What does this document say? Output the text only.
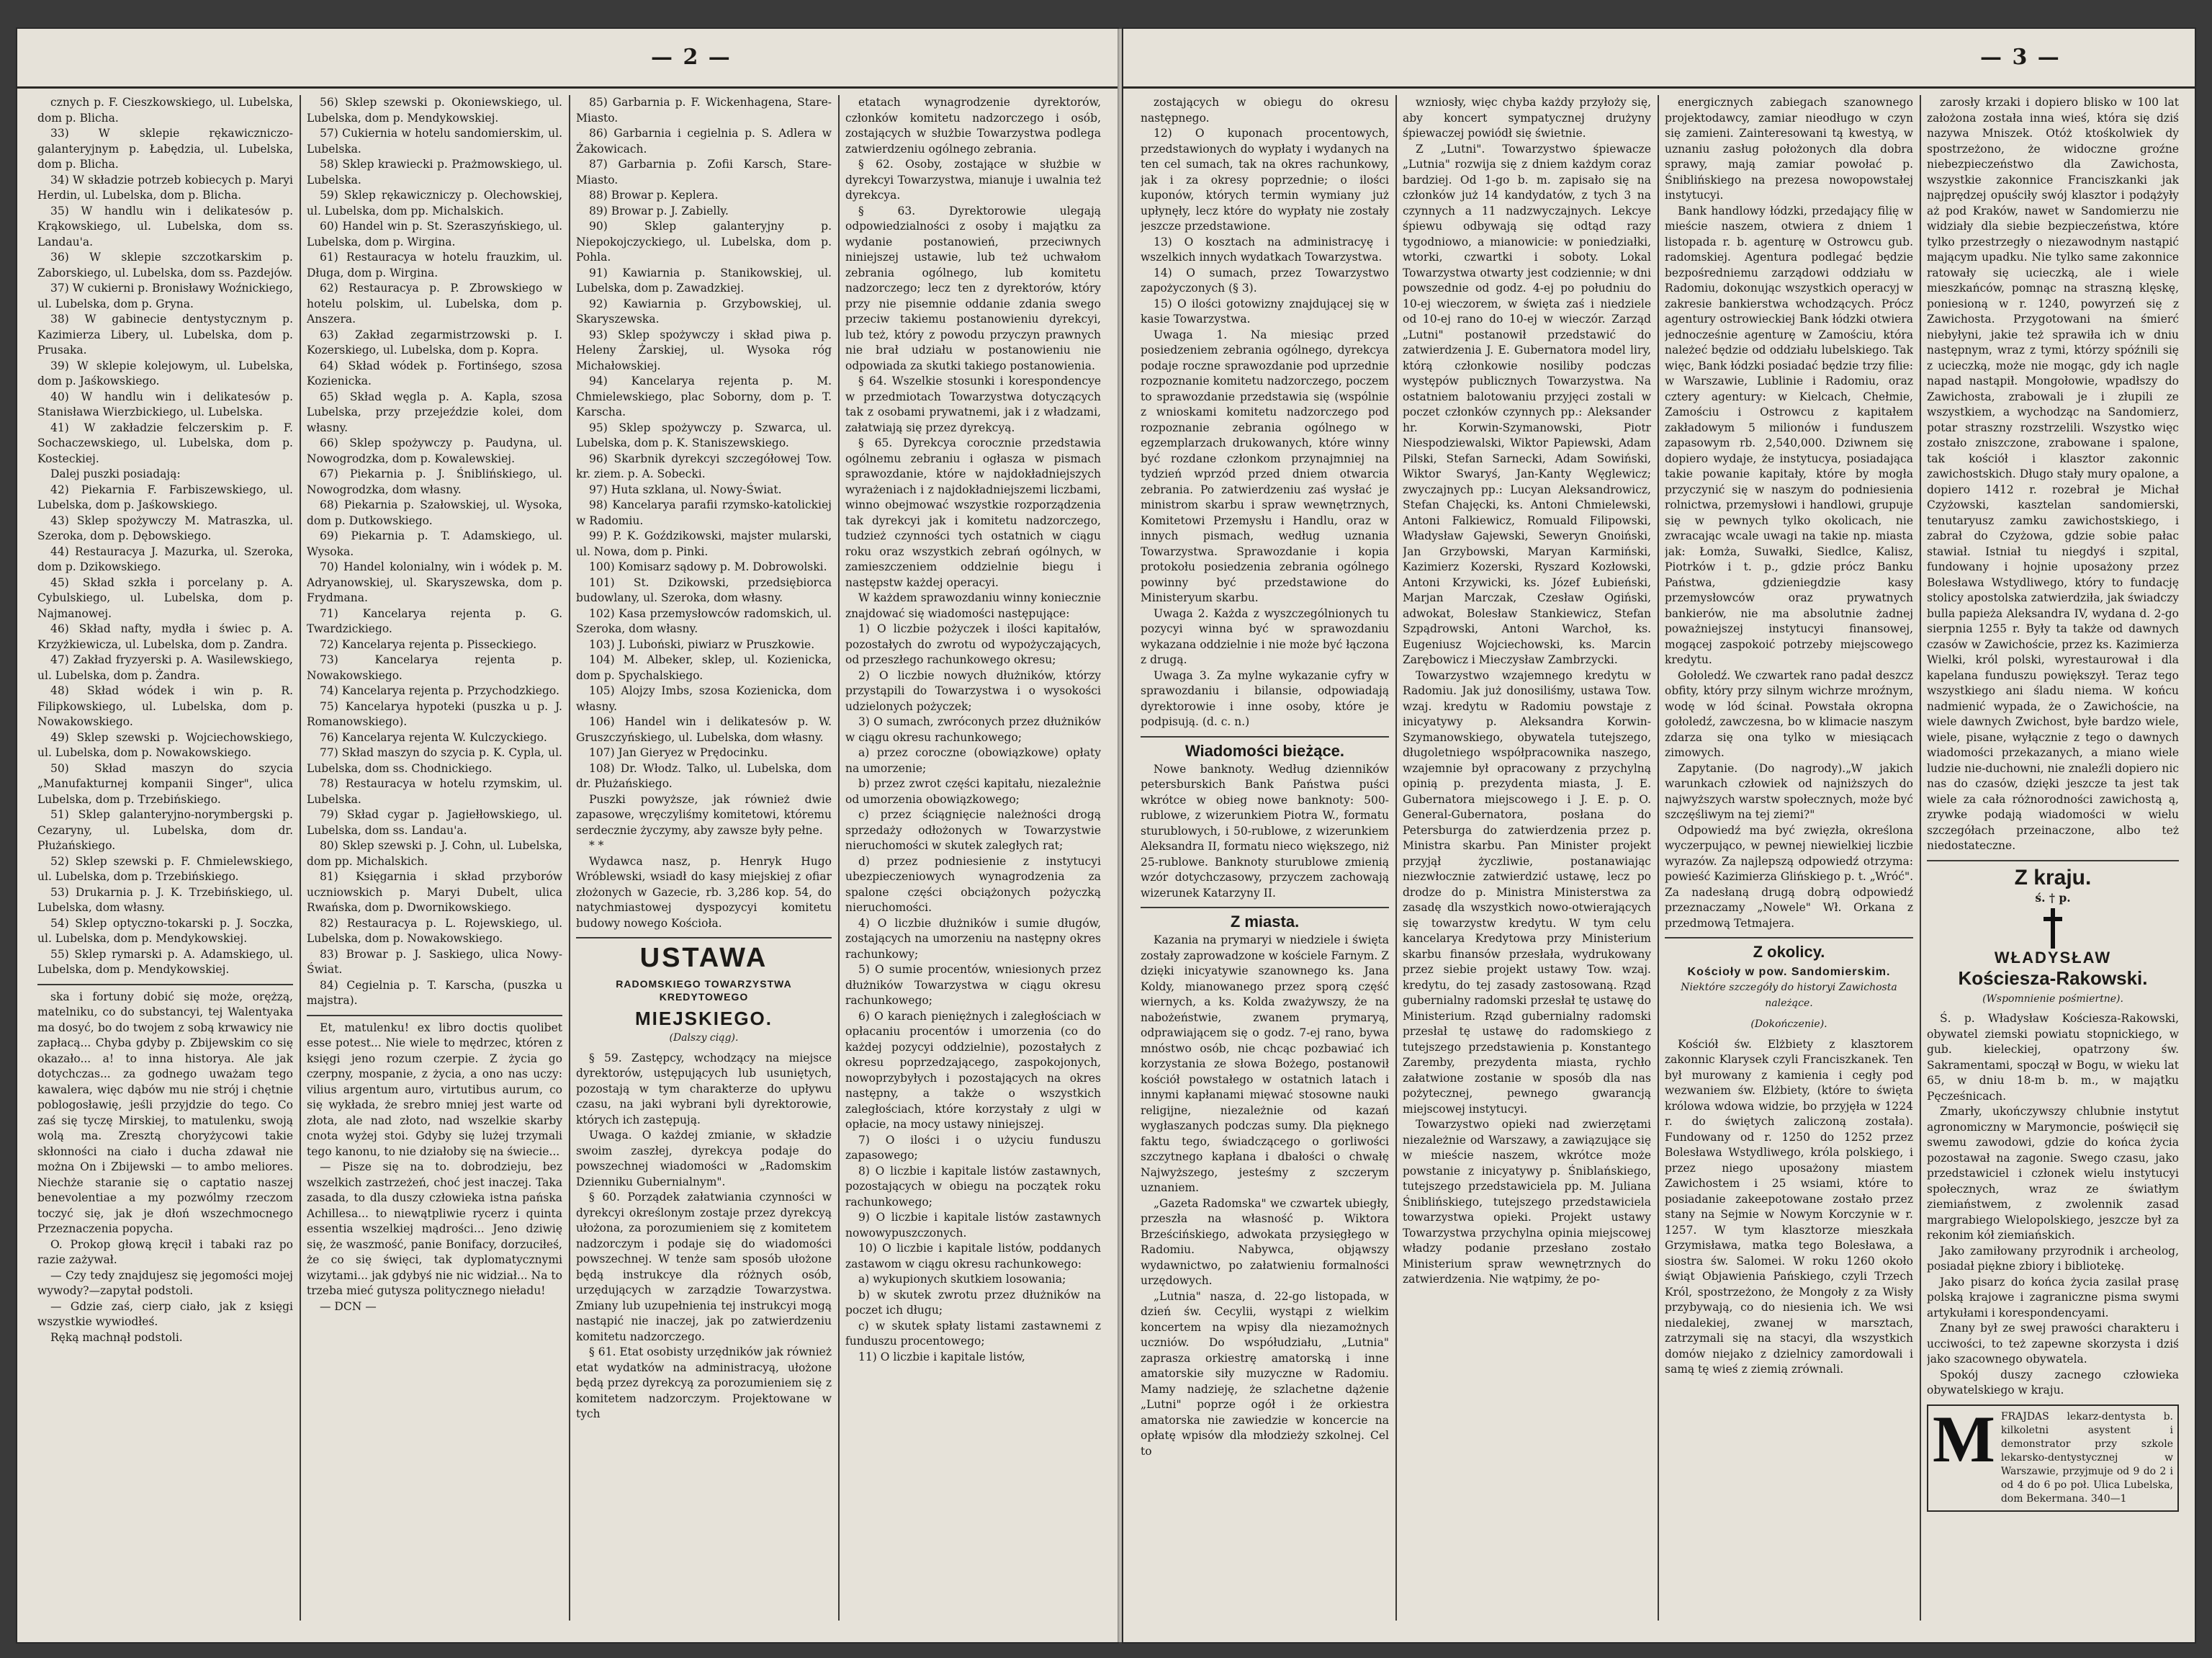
— 2 —

cznych p. F. Cieszkowskiego, ul. Lubelska, dom p. Blicha.

33) W sklepie rękawiczniczo-galanteryjnym p. Łabędzia, ul. Lubelska, dom p. Blicha.

34) W składzie potrzeb kobiecych p. Maryi Herdin, ul. Lubelska, dom p. Blicha.

35) W handlu win i delikatesów p. Krąkowskiego, ul. Lubelska, dom ss. Landau'a.

36) W sklepie szczotkarskim p. Zaborskiego, ul. Lubelska, dom ss. Pazdejów.

37) W cukierni p. Bronisławy Woźnickiego, ul. Lubelska, dom p. Gryna.

38) W gabinecie dentystycznym p. Kazimierza Libery, ul. Lubelska, dom p. Prusaka.

39) W sklepie kolejowym, ul. Lubelska, dom p. Jaśkowskiego.

40) W handlu win i delikatesów p. Stanisława Wierzbickiego, ul. Lubelska.

41) W zakładzie felczerskim p. F. Sochaczewskiego, ul. Lubelska, dom p. Kosteckiej.

Dalej puszki posiadają:

42) Piekarnia F. Farbiszewskiego, ul. Lubelska, dom p. Jaśkowskiego.

43) Sklep spożywczy M. Matraszka, ul. Szeroka, dom p. Dębowskiego.

44) Restauracya J. Mazurka, ul. Szeroka, dom p. Dzikowskiego.

45) Skład szkła i porcelany p. A. Cybulskiego, ul. Lubelska, dom p. Najmanowej.

46) Skład nafty, mydła i świec p. A. Krzyżkiewicza, ul. Lubelska, dom p. Zandra.

47) Zakład fryzyerski p. A. Wasilewskiego, ul. Lubelska, dom p. Żandra.

48) Skład wódek i win p. R. Filipkowskiego, ul. Lubelska, dom p. Nowakowskiego.

49) Sklep szewski p. Wojciechowskiego, ul. Lubelska, dom p. Nowakowskiego.

50) Skład maszyn do szycia „Manufakturnej kompanii Singer", ulica Lubelska, dom p. Trzebińskiego.

51) Sklep galanteryjno-norymbergski p. Cezaryny, ul. Lubelska, dom dr. Płużańskiego.

52) Sklep szewski p. F. Chmielewskiego, ul. Lubelska, dom p. Trzebińskiego.

53) Drukarnia p. J. K. Trzebińskiego, ul. Lubelska, dom własny.

54) Sklep optyczno-tokarski p. J. Soczka, ul. Lubelska, dom p. Mendykowskiej.

55) Sklep rymarski p. A. Adamskiego, ul. Lubelska, dom p. Mendykowskiej.

ska i fortuny dobić się może, orężzą, matelniku, co do substancyi, tej Walentyaka ma dosyć, bo do twojem z sobą krwawicy nie zapłacą... Chyba gdyby p. Zbijewskim co się okazało... a! to inna historya. Ale jak dotychczas... za godnego uważam tego kawalera, więc dąbów mu nie strój i chętnie poblogosławię, jeśli przyjdzie do tego. Co zaś się tyczę Mirskiej, to matulenku, swoją wolą ma. Zresztą choryżycowi takie skłonności na ciało i ducha zdawał nie można On i Zbijewski — to ambo meliores. Niechże staranie się o captatio naszej benevolentiae a my pozwólmy rzeczom toczyć się, jak je dłoń wszechmocnego Przeznaczenia popycha.

O. Prokop głową kręcił i tabaki raz po razie zażywał.

— Czy tedy znajdujesz się jegomości mojej wywody?—zapytał podstoli.

— Gdzie zaś, cierp ciało, jak z księgi wszystkie wywiodłeś.

Ręką machnął podstoli.

56) Sklep szewski p. Okoniewskiego, ul. Lubelska, dom p. Mendykowskiej.

57) Cukiernia w hotelu sandomierskim, ul. Lubelska.

58) Sklep krawiecki p. Prażmowskiego, ul. Lubelska.

59) Sklep rękawiczniczy p. Olechowskiej, ul. Lubelska, dom pp. Michalskich.

60) Handel win p. St. Szeraszyńskiego, ul. Lubelska, dom p. Wirgina.

61) Restauracya w hotelu frauzkim, ul. Długa, dom p. Wirgina.

62) Restauracya p. P. Zbrowskiego w hotelu polskim, ul. Lubelska, dom p. Anszera.

63) Zakład zegarmistrzowski p. I. Kozerskiego, ul. Lubelska, dom p. Kopra.

64) Skład wódek p. Fortinśego, szosa Kozienicka.

65) Skład węgla p. A. Kapla, szosa Lubelska, przy przejeździe kolei, dom własny.

66) Sklep spożywczy p. Paudyna, ul. Nowogrodzka, dom p. Kowalewskiej.

67) Piekarnia p. J. Śniblińskiego, ul. Nowogrodzka, dom własny.

68) Piekarnia p. Szałowskiej, ul. Wysoka, dom p. Dutkowskiego.

69) Piekarnia p. T. Adamskiego, ul. Wysoka.

70) Handel kolonialny, win i wódek p. M. Adryanowskiej, ul. Skaryszewska, dom p. Frydmana.

71) Kancelarya rejenta p. G. Twardzickiego.

72) Kancelarya rejenta p. Pisseckiego.

73) Kancelarya rejenta p. Nowakowskiego.

74) Kancelarya rejenta p. Przychodzkiego.

75) Kancelarya hypoteki (puszka u p. J. Romanowskiego).

76) Kancelarya rejenta W. Kulczyckiego.

77) Skład maszyn do szycia p. K. Cypla, ul. Lubelska, dom ss. Chodnickiego.

78) Restauracya w hotelu rzymskim, ul. Lubelska.

79) Skład cygar p. Jagiełłowskiego, ul. Lubelska, dom ss. Landau'a.

80) Sklep szewski p. J. Cohn, ul. Lubelska, dom pp. Michalskich.

81) Księgarnia i skład przyborów uczniowskich p. Maryi Dubelt, ulica Rwańska, dom p. Dwornikowskiego.

82) Restauracya p. L. Rojewskiego, ul. Lubelska, dom p. Nowakowskiego.

83) Browar p. J. Saskiego, ulica Nowy-Świat.

84) Cegielnia p. T. Karscha, (puszka u majstra).

Et, matulenku! ex libro doctis quolibet esse potest... Nie wiele to mędrzec, któren z księgi jeno rozum czerpie. Z życia go czerpny, mospanie, z życia, a ono nas uczy: vilius argentum auro, virtutibus aurum, co się wykłada, że srebro mniej jest warte od złota, ale nad złoto, nad wszelkie skarby cnota wyżej stoi. Gdyby się lużej trzymali tego kanonu, to nie działoby się na świecie...

— Pisze się na to. dobrodzieju, bez wszelkich zastrzeżeń, choć jest inaczej. Taka zasada, to dla duszy człowieka istna pańska Achillesa... to niewątpliwie rycerz i quinta essentia wszelkiej mądrości... Jeno dziwię się, że waszmość, panie Bonifacy, dorzuciłeś, że co się święci, tak dyplomatycznymi wizytami... jak gdybyś nie nic widział... Na to trzeba mieć gutysza politycznego nieładu!

— DCN —

85) Garbarnia p. F. Wickenhagena, Stare-Miasto.

86) Garbarnia i cegielnia p. S. Adlera w Żakowicach.

87) Garbarnia p. Zofii Karsch, Stare-Miasto.

88) Browar p. Keplera.

89) Browar p. J. Zabielly.

90) Sklep galanteryjny p. Niepokojczyckiego, ul. Lubelska, dom p. Pohla.

91) Kawiarnia p. Stanikowskiej, ul. Lubelska, dom p. Zawadzkiej.

92) Kawiarnia p. Grzybowskiej, ul. Skaryszewska.

93) Sklep spożywczy i skład piwa p. Heleny Żarskiej, ul. Wysoka róg Michałowskiej.

94) Kancelarya rejenta p. M. Chmielewskiego, plac Soborny, dom p. T. Karscha.

95) Sklep spożywczy p. Szwarca, ul. Lubelska, dom p. K. Staniszewskiego.

96) Skarbnik dyrekcyi szczegółowej Tow. kr. ziem. p. A. Sobecki.

97) Huta szklana, ul. Nowy-Świat.

98) Kancelarya parafii rzymsko-katolickiej w Radomiu.

99) P. K. Goździkowski, majster mularski, ul. Nowa, dom p. Pinki.

100) Komisarz sądowy p. M. Dobrowolski.

101) St. Dzikowski, przedsiębiorca budowlany, ul. Szeroka, dom własny.

102) Kasa przemysłowców radomskich, ul. Szeroka, dom własny.

103) J. Luboński, piwiarz w Pruszkowie.

104) M. Albeker, sklep, ul. Kozienicka, dom p. Spychalskiego.

105) Alojzy Imbs, szosa Kozienicka, dom własny.

106) Handel win i delikatesów p. W. Gruszczyńskiego, ul. Lubelska, dom własny.

107) Jan Gieryez w Prędocinku.

108) Dr. Włodz. Talko, ul. Lubelska, dom dr. Płużańskiego.

Puszki powyższe, jak również dwie zapasowe, wręczyliśmy komitetowi, któremu serdecznie życzymy, aby zawsze były pełne.

* *

Wydawca nasz, p. Henryk Hugo Wróblewski, wsiadł do kasy miejskiej z ofiar złożonych w Gazecie, rb. 3,286 kop. 54, do natychmiastowej dyspozycyi komitetu budowy nowego Kościoła.

USTAWA
RADOMSKIEGO TOWARZYSTWA KREDYTOWEGO
MIEJSKIEGO.
(Dalszy ciąg).

§ 59. Zastępcy, wchodzący na miejsce dyrektorów, ustępujących lub usuniętych, pozostają w tym charakterze do upływu czasu, na jaki wybrani byli dyrektorowie, których ich zastępują.

Uwaga. O każdej zmianie, w składzie swoim zaszłej, dyrekcya podaje do powszechnej wiadomości w „Radomskim Dzienniku Gubernialnym".

§ 60. Porządek załatwiania czynności w dyrekcyi określonym zostaje przez dyrekcyą ułożona, za porozumieniem się z komitetem nadzorczym i podaje się do wiadomości powszechnej. W tenże sam sposób ułożone będą instrukcye dla różnych osób, urzędujących w zarządzie Towarzystwa. Zmiany lub uzupełnienia tej instrukcyi mogą nastąpić nie inaczej, jak po zatwierdzeniu komitetu nadzorczego.

§ 61. Etat osobisty urzędników jak również etat wydatków na administracyą, ułożone będą przez dyrekcyą za porozumieniem się z komitetem nadzorczym. Projektowane w tych

etatach wynagrodzenie dyrektorów, członków komitetu nadzorczego i osób, zostających w służbie Towarzystwa podlega zatwierdzeniu ogólnego zebrania.

§ 62. Osoby, zostające w służbie w dyrekcyi Towarzystwa, mianuje i uwalnia też dyrekcya.

§ 63. Dyrektorowie ulegają odpowiedzialności z osoby i majątku za wydanie postanowień, przeciwnych niniejszej ustawie, lub też uchwałom zebrania ogólnego, lub komitetu nadzorczego; lecz ten z dyrektorów, który przy nie pisemnie oddanie zdania swego przeciw takiemu postanowieniu dyrekcyi, lub też, który z powodu przyczyn prawnych nie brał udziału w postanowieniu nie odpowiada za skutki takiego postanowienia.

§ 64. Wszelkie stosunki i korespondencye w przedmiotach Towarzystwa dotyczących tak z osobami prywatnemi, jak i z władzami, załatwiają się przez dyrekcyą.

§ 65. Dyrekcya corocznie przedstawia ogólnemu zebraniu i ogłasza w pismach sprawozdanie, które w najdokładniejszych wyrażeniach i z najdokładniejszemi liczbami, winno obejmować wszystkie rozporządzenia tak dyrekcyi jak i komitetu nadzorczego, tudzież czynności tych ostatnich w ciągu roku oraz wszystkich zebrań ogólnych, w zamieszczeniem oddzielnie biegu i następstw każdej operacyi.

W każdem sprawozdaniu winny koniecznie znajdować się wiadomości następujące:

1) O liczbie pożyczek i ilości kapitałów, pozostałych do zwrotu od wypożyczających, od przeszłego rachunkowego okresu;

2) O liczbie nowych dłużników, którzy przystąpili do Towarzystwa i o wysokości udzielonych pożyczek;

3) O sumach, zwróconych przez dłużników w ciągu okresu rachunkowego;

a) przez coroczne (obowiązkowe) opłaty na umorzenie;

b) przez zwrot części kapitału, niezależnie od umorzenia obowiązkowego;

c) przez ściągnięcie należności drogą sprzedaży odłożonych w Towarzystwie nieruchomości w skutek zaległych rat;

d) przez podniesienie z instytucyi ubezpieczeniowych wynagrodzenia za spalone części obciążonych pożyczką nieruchomości.

4) O liczbie dłużników i sumie długów, zostających na umorzeniu na następny okres rachunkowy;

5) O sumie procentów, wniesionych przez dłużników Towarzystwa w ciągu okresu rachunkowego;

6) O karach pieniężnych i zaległościach w opłacaniu procentów i umorzenia (co do każdej pozycyi oddzielnie), pozostałych z okresu poprzedzającego, zaspokojonych, nowoprzybyłych i pozostających na okres następny, a także o wszystkich zaległościach, które korzystały z ulgi w opłacie, na mocy ustawy niniejszej.

7) O ilości i o użyciu funduszu zapasowego;

8) O liczbie i kapitale listów zastawnych, pozostających w obiegu na początek roku rachunkowego;

9) O liczbie i kapitale listów zastawnych nowowypuszczonych.

10) O liczbie i kapitale listów, poddanych zastawom w ciągu okresu rachunkowego:

a) wykupionych skutkiem losowania;

b) w skutek zwrotu przez dłużników na poczet ich długu;

c) w skutek spłaty listami zastawnemi z funduszu procentowego;

11) O liczbie i kapitale listów,

— 3 —

zostających w obiegu do okresu następnego.

12) O kuponach procentowych, przedstawionych do wypłaty i wydanych na ten cel sumach, tak na okres rachunkowy, jak i za okresy poprzednie; o ilości kuponów, których termin wymiany już upłynęły, lecz które do wypłaty nie zostały jeszcze przedstawione.

13) O kosztach na administracyę i wszelkich innych wydatkach Towarzystwa.

14) O sumach, przez Towarzystwo zapożyczonych (§ 3).

15) O ilości gotowizny znajdującej się w kasie Towarzystwa.

Uwaga 1. Na miesiąc przed posiedzeniem zebrania ogólnego, dyrekcya podaje roczne sprawozdanie pod uprzednie rozpoznanie komitetu nadzorczego, poczem to sprawozdanie przedstawia się (wspólnie z wnioskami komitetu nadzorczego pod rozpoznanie zebrania ogólnego w egzemplarzach drukowanych, które winny być rozdane członkom przynajmniej na tydzień wprzód przed dniem otwarcia zebrania. Po zatwierdzeniu zaś wysłać je ministrom skarbu i spraw wewnętrznych, Komitetowi Przemysłu i Handlu, oraz w innych pismach, według uznania Towarzystwa. Sprawozdanie i kopia protokołu posiedzenia zebrania ogólnego powinny być przedstawione do Ministeryum skarbu.

Uwaga 2. Każda z wyszczególnionych tu pozycyi winna być w sprawozdaniu wykazana oddzielnie i nie może być łączona z drugą.

Uwaga 3. Za mylne wykazanie cyfry w sprawozdaniu i bilansie, odpowiadają dyrektorowie i inne osoby, które je podpisują. (d. c. n.)

Wiadomości bieżące.

Nowe banknoty. Według dzienników petersburskich Bank Państwa puści wkrótce w obieg nowe banknoty: 500-rublowe, z wizerunkiem Piotra W., formatu sturublowych, i 50-rublowe, z wizerunkiem Aleksandra II, formatu nieco większego, niż 25-rublowe. Banknoty sturublowe zmienią wzór dotychczasowy, przyczem zachowają wizerunek Katarzyny II.

Z miasta.

Kazania na prymaryi w niedziele i święta zostały zaprowadzone w kościele Farnym. Z dzięki inicyatywie szanownego ks. Jana Koldy, mianowanego przez sporą część wiernych, a ks. Kolda zważywszy, że na nabożeństwie, zwanem prymaryą, odprawiającem się o godz. 7-ej rano, bywa mnóstwo osób, nie chcąc pozbawiać ich korzystania ze słowa Bożego, postanowił kościół powstałego w ostatnich latach i innymi kapłanami mięwać stosowne nauki religijne, niezależnie od kazań wygłaszanych podczas sumy. Dla pięknego faktu tego, świadczącego o gorliwości szczytnego kapłana i dbałości o chwałę Najwyższego, jesteśmy z szczerym uznaniem.

„Gazeta Radomska" we czwartek ubiegły, przeszła na własność p. Wiktora Brześcińskiego, adwokata przysięgłego w Radomiu. Nabywca, objąwszy wydawnictwo, po załatwieniu formalności urzędowych.

„Lutnia" nasza, d. 22-go listopada, w dzień św. Cecylii, wystąpi z wielkim koncertem na wpisy dla niezamożnych uczniów. Do współudziału, „Lutnia" zaprasza orkiestrę amatorską i inne amatorskie siły muzyczne w Radomiu. Mamy nadzieję, że szlachetne dążenie „Lutni" poprze ogół i że orkiestra amatorska nie zawiedzie w koncercie na opłatę wpisów dla młodzieży szkolnej. Cel to

wzniosły, więc chyba każdy przyłoży się, aby koncert sympatycznej drużyny śpiewaczej powiódł się świetnie.

Z „Lutni". Towarzystwo śpiewacze „Lutnia" rozwija się z dniem każdym coraz bardziej. Od 1-go b. m. zapisało się na członków już 14 kandydatów, z tych 3 na czynnych a 11 nadzwyczajnych. Lekcye śpiewu odbywają się odtąd razy tygodniowo, a mianowicie: w poniedziałki, wtorki, czwartki i soboty. Lokal Towarzystwa otwarty jest codziennie; w dni powszednie od godz. 4-ej po południu do 10-ej wieczorem, w święta zaś i niedziele od 10-ej rano do 10-ej w wieczór. Zarząd „Lutni" postanowił przedstawić do zatwierdzenia J. E. Gubernatora model liry, którą członkowie nosiliby podczas występów publicznych Towarzystwa. Na ostatniem balotowaniu przyjęci zostali w poczet członków czynnych pp.: Aleksander hr. Korwin-Szymanowski, Piotr Niespodziewalski, Wiktor Papiewski, Adam Pilski, Stefan Sarnecki, Adam Sowiński, Wiktor Swaryś, Jan-Kanty Węglewicz; zwyczajnych pp.: Lucyan Aleksandrowicz, Stefan Chajęcki, ks. Antoni Chmielewski, Antoni Falkiewicz, Romuald Filipowski, Władysław Gajewski, Seweryn Gnoiński, Jan Grzybowski, Maryan Karmiński, Kazimierz Kozerski, Ryszard Kozłowski, Antoni Krzywicki, ks. Józef Łubieński, Marjan Marczak, Czesław Ogiński, adwokat, Bolesław Stankiewicz, Stefan Szpądrowski, Antoni Warchoł, ks. Eugeniusz Wojciechowski, ks. Marcin Zarębowicz i Mieczysław Zambrzycki.

Towarzystwo wzajemnego kredytu w Radomiu. Jak już donosiliśmy, ustawa Tow. wzaj. kredytu w Radomiu powstaje z inicyatywy p. Aleksandra Korwin-Szymanowskiego, obywatela tutejszego, długoletniego współpracownika naszego, wzajemnie był opracowany z przychylną opinią p. prezydenta miasta, J. E. Gubernatora miejscowego i J. E. p. O. General-Gubernatora, posłana do Petersburga do zatwierdzenia przez p. Ministra skarbu. Pan Minister projekt przyjął życzliwie, postanawiając niezwłocznie zatwierdzić ustawę, lecz po drodze do p. Ministra Ministerstwa za zasadę dla wszystkich nowo-otwierających się towarzystw kredytu. W tym celu kancelarya Kredytowa przy Ministerium skarbu finansów przesłała, wydrukowany przez siebie projekt ustawy Tow. wzaj. kredytu, do tej zasady zastosowaną. Rząd gubernialny radomski przesłał tę ustawę do Ministerium. Rząd gubernialny radomski przesłał tę ustawę do radomskiego z tutejszego przedstawienia p. Konstantego Zaremby, prezydenta miasta, rychło załatwione zostanie w sposób dla nas pożytecznej, pewnego gwarancją miejscowej instytucyi.

Towarzystwo opieki nad zwierzętami niezależnie od Warszawy, a zawiązujące się w mieście naszem, wkrótce może powstanie z inicyatywy p. Śniblańskiego, tutejszego przedstawiciela pp. M. Juliana Śniblińskiego, tutejszego przedstawiciela towarzystwa opieki. Projekt ustawy Towarzystwa przychylna opinia miejscowej władzy podanie przesłano zostało Ministerium spraw wewnętrznych do zatwierdzenia. Nie wątpimy, że po-

energicznych zabiegach szanownego projektodawcy, zamiar nieodługo w czyn się zamieni. Zainteresowani tą kwestyą, w uznaniu zasług położonych dla dobra sprawy, mają zamiar powołać p. Śniblińskiego na prezesa nowopowstałej instytucyi.

Bank handlowy łódzki, przedający filię w mieście naszem, otwiera z dniem 1 listopada r. b. agenturę w Ostrowcu gub. radomskiej. Agentura podlegać będzie bezpośredniemu zarządowi oddziału w Radomiu, dokonując wszystkich operacyj w zakresie bankierstwa wchodzących. Prócz agentury ostrowieckiej Bank łódzki otwiera jednocześnie agenturę w Zamościu, która należeć będzie od oddziału lubelskiego. Tak więc, Bank łódzki posiadać będzie trzy filie: w Warszawie, Lublinie i Radomiu, oraz cztery agentury: w Kielcach, Chełmie, Zamościu i Ostrowcu z kapitałem zakładowym 5 milionów i funduszem zapasowym rb. 2,540,000. Dziwnem się dopiero wydaje, że instytucya, posiadająca takie powanie kapitały, które by mogła przyczynić się w naszym do podniesienia rolnictwa, przemysłowi i handlowi, grupuje się w pewnych tylko okolicach, nie zwracając wcale uwagi na takie np. miasta jak: Łomża, Suwałki, Siedlce, Kalisz, Piotrków i t. p., gdzie prócz Banku Państwa, gdzieniegdzie kasy przemysłowców oraz prywatnych bankierów, nie ma absolutnie żadnej poważniejszej instytucyi finansowej, mogącej zaspokoić potrzeby miejscowego kredytu.

Gołoledź. We czwartek rano padał deszcz obfity, który przy silnym wichrze mroźnym, wodę w lód ścinał. Powstała okropna gołoledź, zawczesna, bo w klimacie naszym zdarza się ona tylko w miesiącach zimowych.

Zapytanie. (Do nagrody).„W jakich warunkach człowiek od najniższych do najwyższych warstw społecznych, może być szczęśliwym na tej ziemi?"

Odpowiedź ma być zwięzła, określona wyczerpująco, w pewnej niewielkiej liczbie wyrazów. Za najlepszą odpowiedź otrzyma: powieść Kazimierza Glińskiego p. t. „Wróć". Za nadesłaną drugą dobrą odpowiedź przeznaczamy „Nowele" Wł. Orkana z przedmową Tetmajera.

Z okolicy.
Kościoły w pow. Sandomierskim.
Niektóre szczegóły do historyi Zawichosta należące.
(Dokończenie).

Kościół św. Elżbiety z klasztorem zakonnic Klarysek czyli Franciszkanek. Ten był murowany z kamienia i cegły pod wezwaniem św. Elżbiety, (które to święta królowa wdowa widzie, bo przyjęła w 1224 r. do świętych zaliczoną została). Fundowany od r. 1250 do 1252 przez Bolesława Wstydliwego, króla polskiego, i przez niego uposażony miastem Zawichostem i 25 wsiami, które to posiadanie zakeepotowane zostało przez stany na Sejmie w Nowym Korczynie w r. 1257. W tym klasztorze mieszkała Grzymisława, matka tego Bolesława, a siostra św. Salomei. W roku 1260 około świąt Objawienia Pańskiego, czyli Trzech Król, spostrzeżono, że Mongoły z za Wisły przybywają, co do niesienia ich. We wsi niedalekiej, zwanej w marsztach, zatrzymali się na stacyi, dla wszystkich domów niejako z dzielnicy zamordowali i samą tę wieś z ziemią zrównali.

zarosły krzaki i dopiero blisko w 100 lat założona została inna wieś, która się dziś nazywa Mniszek. Otóż ktośkolwiek dy spostrzeżono, że widoczne groźne niebezpieczeństwo dla Zawichosta, wszystkie zakonnice Franciszkanki jak najprędzej opuściły swój klasztor i podążyły aż pod Kraków, nawet w Sandomierzu nie widziały dla siebie bezpieczeństwa, które tylko przestrzegły o niezawodnym nastąpić mającym upadku. Nie tylko same zakonnice ratowały się ucieczką, ale i wiele mieszkańców, pomnąc na straszną klęskę, poniesioną w r. 1240, powyrzeń się z Zawichosta. Przygotowani na śmierć niebyłyni, jakie też sprawiła ich w dniu następnym, wraz z tymi, którzy spóźnili się z ucieczką, może nie mogąc, gdy ich nagle napad nastąpił. Mongołowie, wpadłszy do Zawichosta, zrabowali je i złupili ze wszystkiem, a wychodząc na Sandomierz, potar straszny rozstrzelili. Wszystko więc zostało zniszczone, zrabowane i spalone, tak kościół i klasztor zakonnic zawichostskich. Długo stały mury opalone, a dopiero 1412 r. rozebrał je Michał Czyżowski, kasztelan sandomierski, tenutaryusz zamku zawichostskiego, i zabrał do Czyżowa, gdzie sobie pałac stawiał. Istniał tu niegdyś i szpital, fundowany i hojnie uposażony przez Bolesława Wstydliwego, który to fundację stolicy apostolska zatwierdziła, jak świadczy bulla papieża Aleksandra IV, wydana d. 2-go sierpnia 1255 r. Były ta także od dawnych czasów w Zawichoście, przez ks. Kazimierza Wielki, król polski, wyrestaurował i dla kapelana funduszu powiększył. Teraz tego wszystkiego ani śladu niema. W końcu nadmienić wypada, że o Zawichoście, na wiele dawnych Zwichost, byłe bardzo wiele, wiele, pisane, wyłącznie z tego o dawnych wiadomości przekazanych, a miano wiele ludzie nie-duchowni, nie znaleźli dopiero nic nas do czasów, dzięki jeszcze ta jest tak wiele za cała różnorodności zawichostą ą, zrywke podają wiadomości w wielu szczegółach przeinaczone, albo też niedostateczne.

Z kraju.
ś. † p.
WŁADYSŁAW
Kościesza-Rakowski.
(Wspomnienie pośmiertne).

Ś. p. Władysław Kościesza-Rakowski, obywatel ziemski powiatu stopnickiego, w gub. kieleckiej, opatrzony św. Sakramentami, spoczął w Bogu, w wieku lat 65, w dniu 18-m b. m., w majątku Pęcześnicach.

Zmarły, ukończywszy chlubnie instytut agronomiczny w Marymoncie, poświęcił się swemu zawodowi, gdzie do końca życia pozostawał na zagonie. Swego czasu, jako przedstawiciel i członek wielu instytucyi społecznych, wraz ze światłym ziemiaństwem, z zwolennik zasad margrabiego Wielopolskiego, jeszcze był za rekonim kół ziemiańskich.

Jako zamiłowany przyrodnik i archeolog, posiadał piękne zbiory i bibliotekę.

Jako pisarz do końca życia zasilał prasę polską krajowe i zagraniczne pisma swymi artykułami i korespondencyami.

Znany był ze swej prawości charakteru i ucciwości, to też zapewne skorzysta i dziś jako szacownego obywatela.

Spokój duszy zacnego człowieka obywatelskiego w kraju.

M FRAJDAS lekarz-dentysta b. kilkoletni asystent i demonstrator przy szkole lekarsko-dentystycznej w Warszawie, przyjmuje od 9 do 2 i od 4 do 6 po poł. Ulica Lubelska, dom Bekermana. 340—1
